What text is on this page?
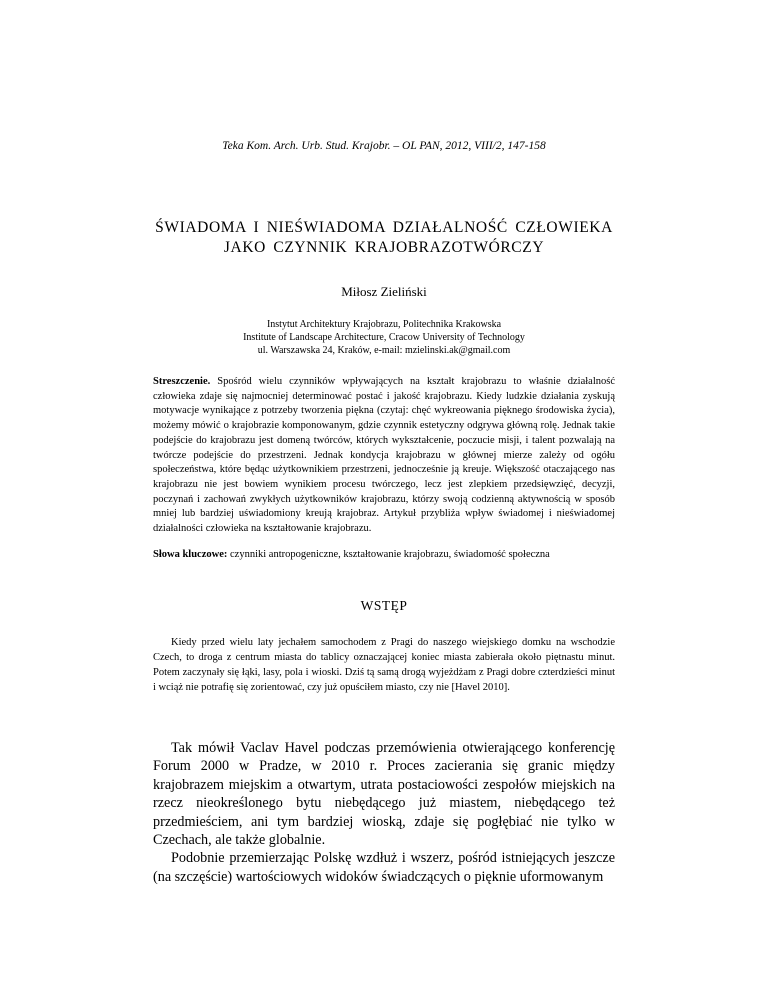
Teka Kom. Arch. Urb. Stud. Krajobr. – OL PAN, 2012, VIII/2, 147-158
ŚWIADOMA I NIEŚWIADOMA DZIAŁALNOŚĆ CZŁOWIEKA
JAKO CZYNNIK KRAJOBRAZOTWÓRCZY
Miłosz Zieliński
Instytut Architektury Krajobrazu, Politechnika Krakowska
Institute of Landscape Architecture, Cracow University of Technology
ul. Warszawska 24, Kraków, e-mail: mzielinski.ak@gmail.com
Streszczenie. Spośród wielu czynników wpływających na kształt krajobrazu to właśnie działalność człowieka zdaje się najmocniej determinować postać i jakość krajobrazu. Kiedy ludzkie działania zyskują motywacje wynikające z potrzeby tworzenia piękna (czytaj: chęć wykreowania pięknego środowiska życia), możemy mówić o krajobrazie komponowanym, gdzie czynnik estetyczny odgrywa główną rolę. Jednak takie podejście do krajobrazu jest domeną twórców, których wykształcenie, poczucie misji, i talent pozwalają na twórcze podejście do przestrzeni. Jednak kondycja krajobrazu w głównej mierze zależy od ogółu społeczeństwa, które będąc użytkownikiem przestrzeni, jednocześnie ją kreuje. Większość otaczającego nas krajobrazu nie jest bowiem wynikiem procesu twórczego, lecz jest zlepkiem przedsięwzięć, decyzji, poczynań i zachowań zwykłych użytkowników krajobrazu, którzy swoją codzienną aktywnością w sposób mniej lub bardziej uświadomiony kreują krajobraz. Artykuł przybliża wpływ świadomej i nieświadomej działalności człowieka na kształtowanie krajobrazu.
Słowa kluczowe: czynniki antropogeniczne, kształtowanie krajobrazu, świadomość społeczna
WSTĘP

Kiedy przed wielu laty jechałem samochodem z Pragi do naszego wiejskiego domku na wschodzie Czech, to droga z centrum miasta do tablicy oznaczającej koniec miasta zabierała około piętnastu minut. Potem zaczynały się łąki, lasy, pola i wioski. Dziś tą samą drogą wyjeżdżam z Pragi dobre czterdzieści minut i wciąż nie potrafię się zorientować, czy już opuściłem miasto, czy nie [Havel 2010].

Tak mówił Vaclav Havel podczas przemówienia otwierającego konferencję Forum 2000 w Pradze, w 2010 r. Proces zacierania się granic między krajobrazem miejskim a otwartym, utrata postaciowości zespołów miejskich na rzecz nieokreślonego bytu niebędącego już miastem, niebędącego też przedmieściem, ani tym bardziej wioską, zdaje się pogłębiać nie tylko w Czechach, ale także globalnie.

Podobnie przemierzając Polskę wzdłuż i wszerz, pośród istniejących jeszcze (na szczęście) wartościowych widoków świadczących o pięknie uformowanym
